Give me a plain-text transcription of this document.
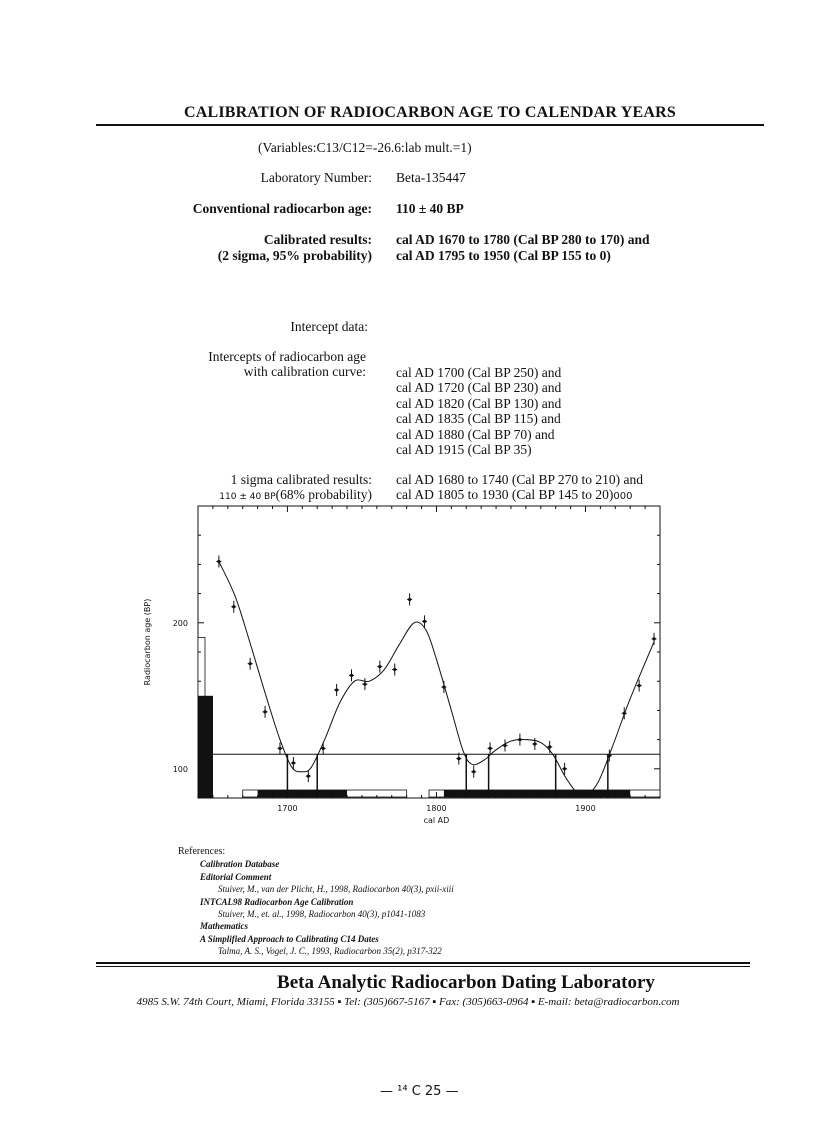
CALIBRATION OF RADIOCARBON AGE TO CALENDAR YEARS
(Variables:C13/C12=-26.6:lab mult.=1)
Laboratory Number: Beta-135447
Conventional radiocarbon age: 110 ± 40 BP
Calibrated results:
(2 sigma, 95% probability)
cal AD 1670 to 1780 (Cal BP 280 to 170) and
cal AD 1795 to 1950 (Cal BP 155 to 0)
Intercept data:
Intercepts of radiocarbon age
with calibration curve: cal AD 1700 (Cal BP 250) and
cal AD 1720 (Cal BP 230) and
cal AD 1820 (Cal BP 130) and
cal AD 1835 (Cal BP 115) and
cal AD 1880 (Cal BP 70) and
cal AD 1915 (Cal BP 35)
1 sigma calibrated results:
110 ± 40 BP(68% probability)
cal AD 1680 to 1740 (Cal BP 270 to 210) and
cal AD 1805 to 1930 (Cal BP 145 to 20)000
1700	1800	1900
100
200
cal AD
Radiocarbon age (BP)
References:
Calibration Database
Editorial Comment
Stuiver, M., van der Plicht, H., 1998, Radiocarbon 40(3), pxii-xiii
INTCAL98 Radiocarbon Age Calibration
Stuiver, M., et. al., 1998, Radiocarbon 40(3), p1041-1083
Mathematics
A Simplified Approach to Calibrating C14 Dates
Talma, A. S., Vogel, J. C., 1993, Radiocarbon 35(2), p317-322
Beta Analytic Radiocarbon Dating Laboratory
4985 S.W. 74th Court, Miami, Florida 33155 ▪ Tel: (305)667-5167 ▪ Fax: (305)663-0964 ▪ E-mail: beta@radiocarbon.com
— ¹⁴ C 25 —
